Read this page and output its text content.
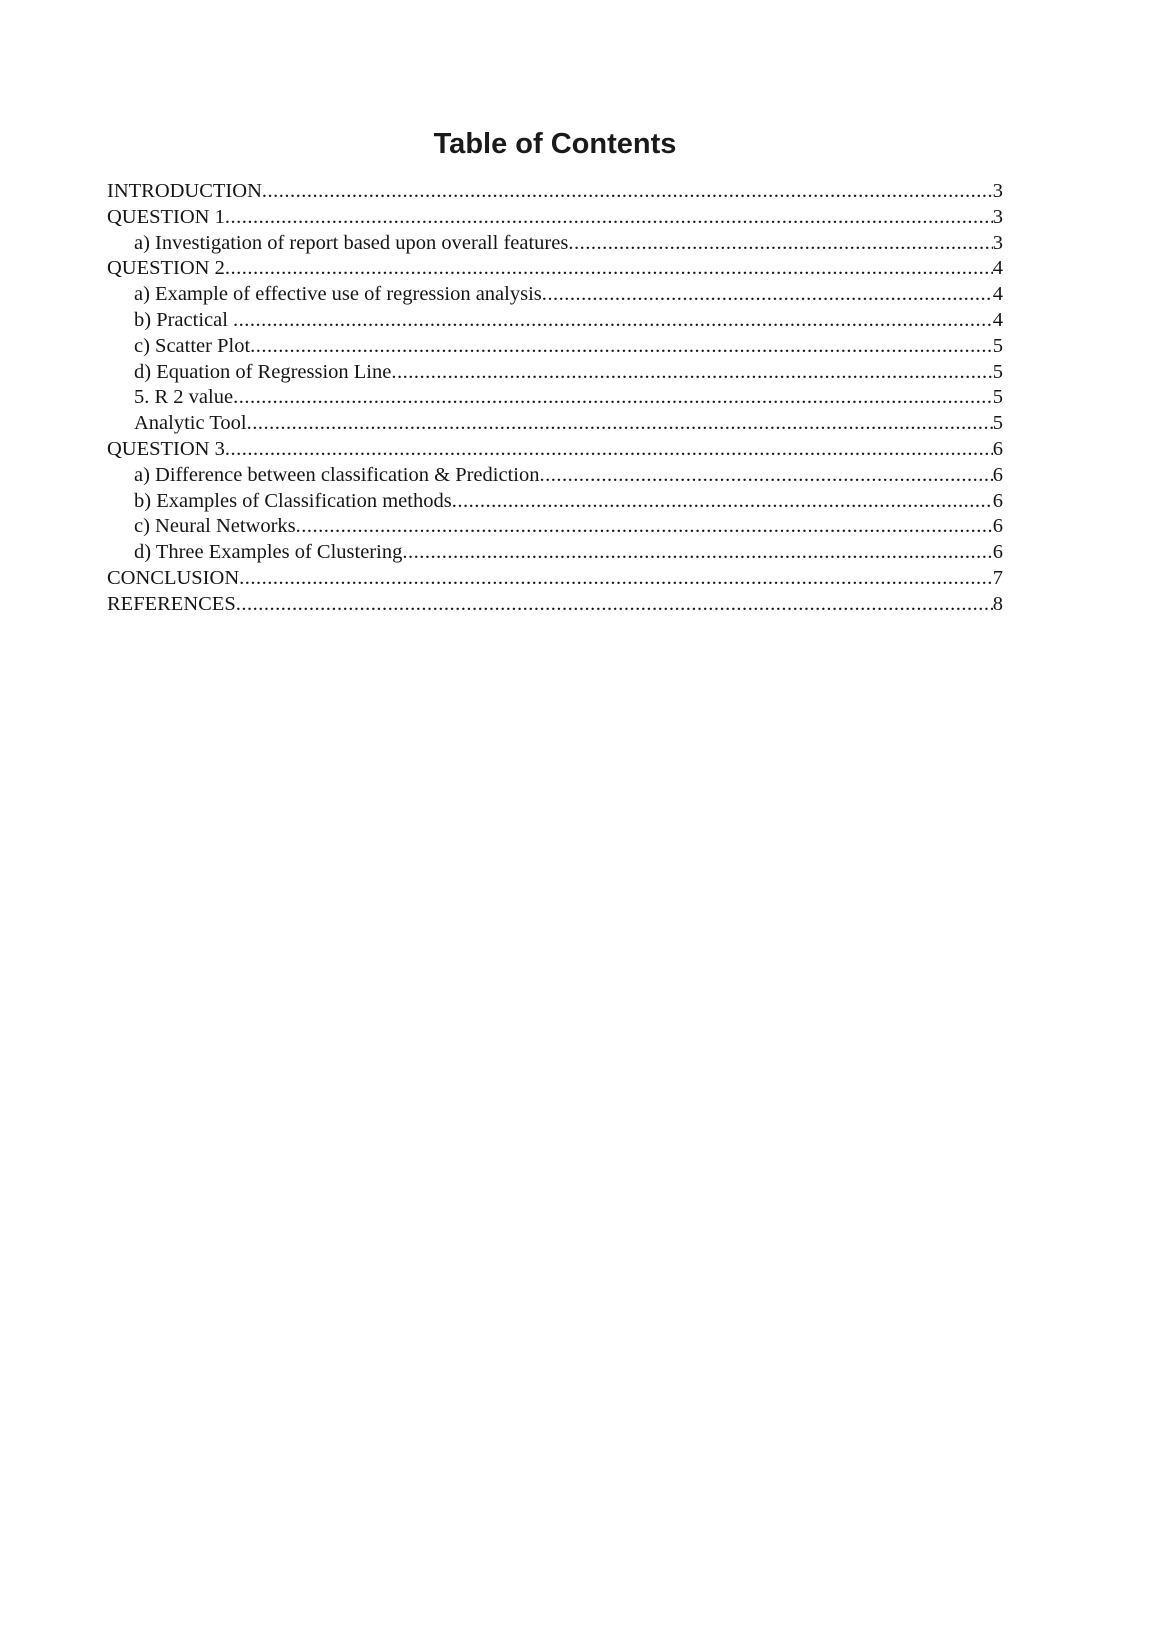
Table of Contents
INTRODUCTION .....	3
QUESTION 1 .....	3
a) Investigation of report based upon overall features .....	3
QUESTION 2 .....	4
a) Example of effective use of regression analysis .....	4
b) Practical .....	4
c) Scatter Plot .....	5
d) Equation of Regression Line .....	5
5. R 2 value .....	5
Analytic Tool .....	5
QUESTION 3 .....	6
a) Difference between classification & Prediction .....	6
b) Examples of Classification methods .....	6
c) Neural Networks .....	6
d) Three Examples of Clustering .....	6
CONCLUSION .....	7
REFERENCES .....	8
